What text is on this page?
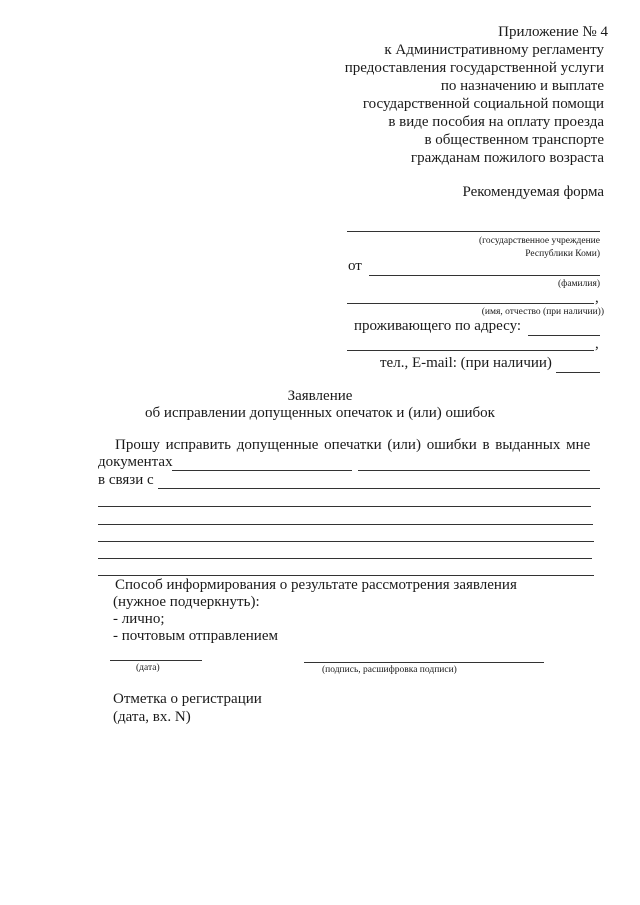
Приложение № 4
к Административному регламенту
предоставления государственной услуги
по назначению и выплате
государственной социальной помощи
в виде пособия на оплату проезда
в общественном транспорте
гражданам пожилого возраста
Рекомендуемая форма
(государственное учреждение
Республики Коми)
от
(фамилия)
,
(имя, отчество (при наличии))
проживающего по адресу:
,
тел., E-mail: (при наличии)
Заявление
об исправлении допущенных опечаток и (или) ошибок
Прошу исправить допущенные опечатки (или) ошибки в выданных мне
документах
в связи с
Способ информирования о результате рассмотрения заявления
(нужное подчеркнуть):
- лично;
- почтовым отправлением
(дата)	(подпись, расшифровка подписи)
Отметка о регистрации
(дата, вх. N)
